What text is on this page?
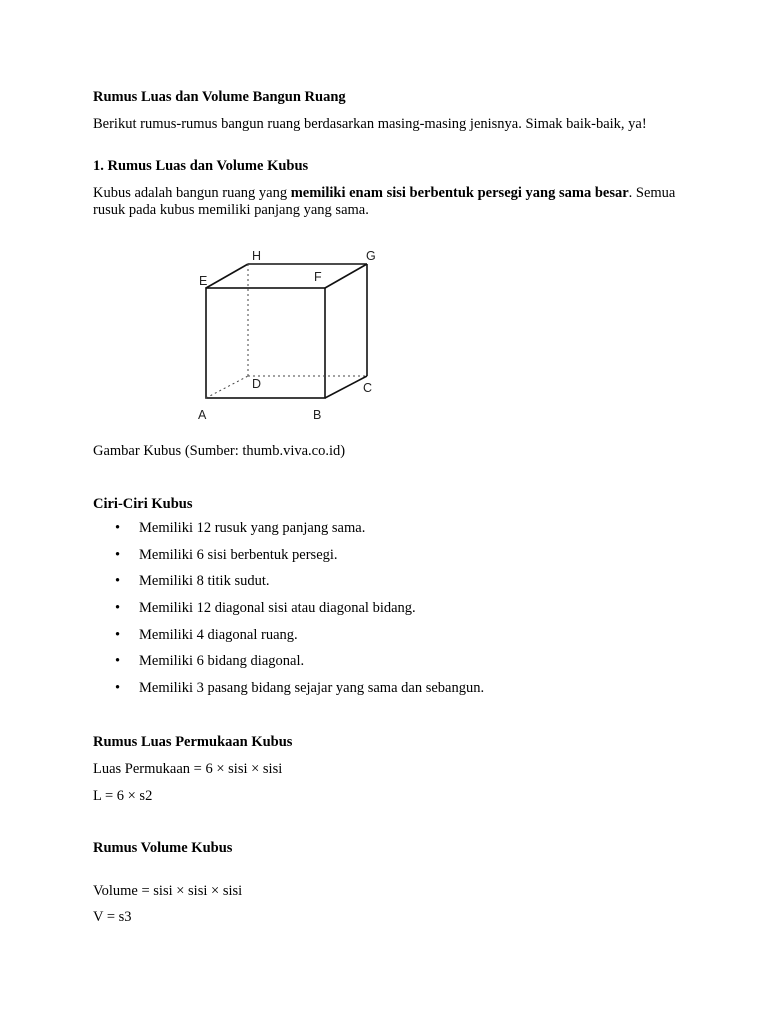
Rumus Luas dan Volume Bangun Ruang

Berikut rumus-rumus bangun ruang berdasarkan masing-masing jenisnya. Simak baik-baik, ya!

1. Rumus Luas dan Volume Kubus

Kubus adalah bangun ruang yang memiliki enam sisi berbentuk persegi yang sama besar. Semua rusuk pada kubus memiliki panjang yang sama.

A	B
C
D
E	F
G
H

Gambar Kubus (Sumber: thumb.viva.co.id)

Ciri-Ciri Kubus

• Memiliki 12 rusuk yang panjang sama.
• Memiliki 6 sisi berbentuk persegi.
• Memiliki 8 titik sudut.
• Memiliki 12 diagonal sisi atau diagonal bidang.
• Memiliki 4 diagonal ruang.
• Memiliki 6 bidang diagonal.
• Memiliki 3 pasang bidang sejajar yang sama dan sebangun.

Rumus Luas Permukaan Kubus

Luas Permukaan = 6 × sisi × sisi

L = 6 × s2

Rumus Volume Kubus

Volume = sisi × sisi × sisi

V = s3
